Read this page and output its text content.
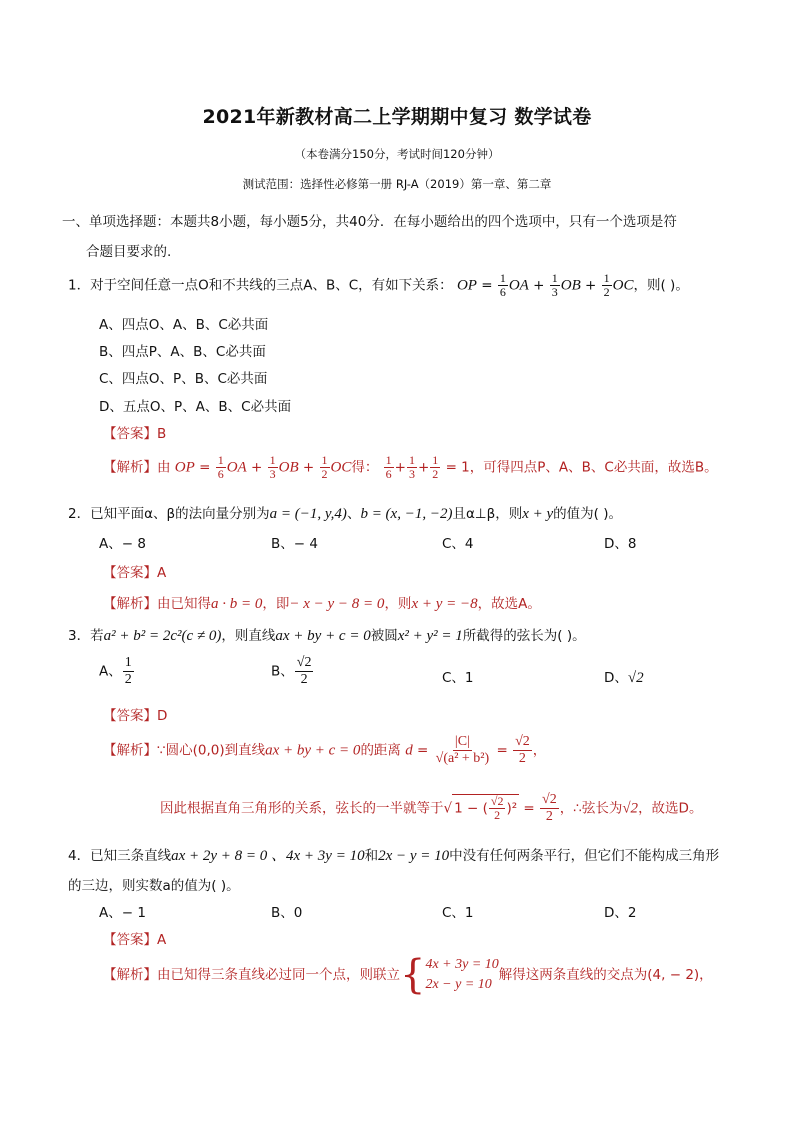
2021年新教材高二上学期期中复习 数学试卷
（本卷满分150分，考试时间120分钟）
测试范围：选择性必修第一册 RJ-A（2019）第一章、第二章
一、单项选择题：本题共8小题，每小题5分，共40分．在每小题给出的四个选项中，只有一个选项是符
合题目要求的.
1．对于空间任意一点O和不共线的三点A、B、C，有如下关系： OP = $\frac{1}{6}$ OA + $\frac{1}{3}$ OB + $\frac{1}{2}$ OC，则( )。
A、四点O、A、B、C必共面
B、四点P、A、B、C必共面
C、四点O、P、B、C必共面
D、五点O、P、A、B、C必共面
【答案】B
【解析】由 OP = $\frac{1}{6}$ OA + $\frac{1}{3}$ OB + $\frac{1}{2}$ OC得： $\frac{1}{6} + \frac{1}{3} + \frac{1}{2} = 1$，可得四点P、A、B、C必共面，故选B。
2．已知平面α、β的法向量分别为a = (−1, y,4)、b = (x, −1, −2)且α⊥β，则x + y的值为( )。
A、− 8	B、− 4	C、4	D、8
【答案】A
【解析】由已知得a · b = 0，即− x − y − 8 = 0，则x + y = −8，故选A。
3．若a² + b² = 2c²(c ≠ 0)，则直线ax + by + c = 0被圆x² + y² = 1所截得的弦长为( )。
A、 $\frac{1}{2}$	B、 $\frac{√2}{2}$	C、1	D、√2
【答案】D
【解析】∵圆心(0,0)到直线ax + by + c = 0的距离 $d = \frac{|C|}{\text{√(a² + b²)}} = \frac{√2}{2}$ ，
因此根据直角三角形的关系，弦长的一半就等于√ 1 − ( $\frac{√2}{2} )^2 = \frac{√2}{2}$ ，∴弦长为√2，故选D。
4．已知三条直线ax + 2y + 8 = 0 、4x + 3y = 10和2x − y = 10中没有任何两条平行，但它们不能构成三角形
的三边，则实数a的值为( )。
A、− 1	B、0	C、1	D、2
【答案】A
【解析】由已知得三条直线必过同一个点，则联立{ 4x + 3y = 10
2x − y = 10
解得这两条直线的交点为(4, − 2)，
